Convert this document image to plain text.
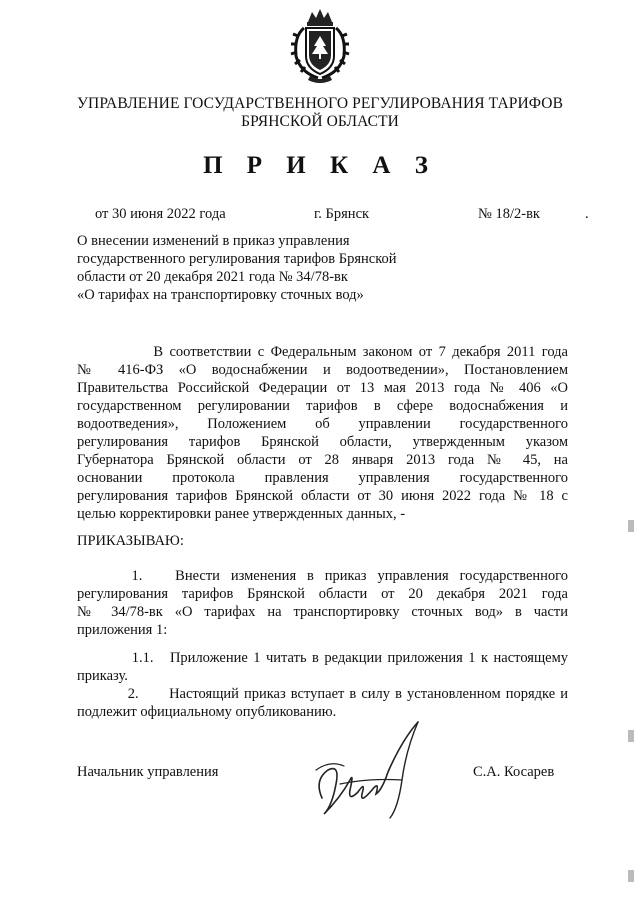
УПРАВЛЕНИЕ ГОСУДАРСТВЕННОГО РЕГУЛИРОВАНИЯ ТАРИФОВ
БРЯНСКОЙ ОБЛАСТИ
П Р И К А З
от 30 июня 2022 года	г. Брянск	№ 18/2-вк	.
О внесении изменений в приказ управления
государственного регулирования тарифов Брянской
области от 20 декабря 2021 года № 34/78-вк
«О тарифах на транспортировку сточных вод»
В соответствии с Федеральным законом от 7 декабря 2011 года
№ 416-ФЗ «О водоснабжении и водоотведении», Постановлением
Правительства Российской Федерации от 13 мая 2013 года № 406 «О
государственном регулировании тарифов в сфере водоснабжения и
водоотведения», Положением об управлении государственного
регулирования тарифов Брянской области, утвержденным указом
Губернатора Брянской области от 28 января 2013 года № 45, на
основании протокола правления управления государственного
регулирования тарифов Брянской области от 30 июня 2022 года № 18 с
целью корректировки ранее утвержденных данных, -
ПРИКАЗЫВАЮ:
1.      Внести  изменения  в  приказ  управления  государственного
регулирования тарифов Брянской области от 20 декабря 2021 года
№ 34/78-вк «О тарифах на транспортировку сточных вод» в части
приложения 1:
1.1.   Приложение 1 читать в редакции приложения 1 к настоящему
приказу.
2.      Настоящий приказ вступает в силу в установленном порядке и
подлежит официальному опубликованию.
Начальник управления	С.А. Косарев
